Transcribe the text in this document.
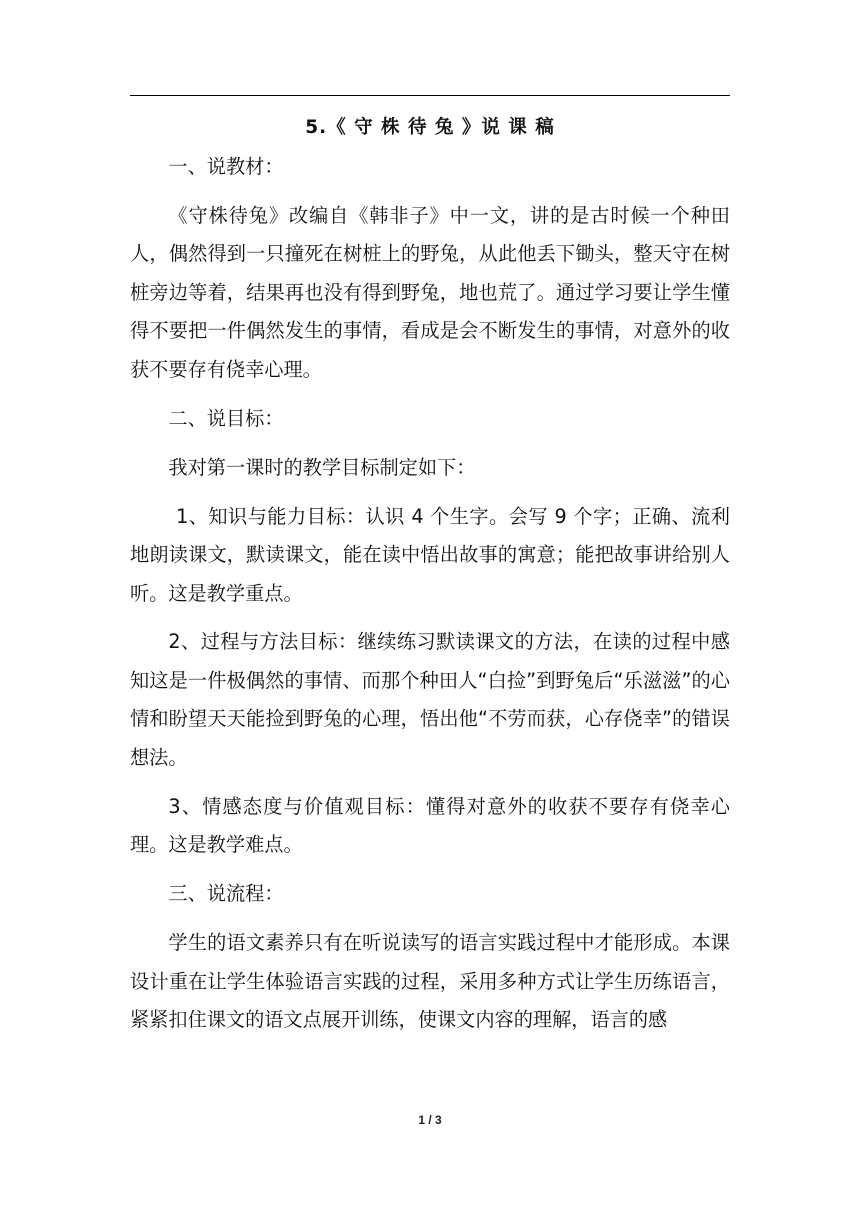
5.《 守 株 待 兔 》说 课 稿

一、说教材：

《守株待兔》改编自《韩非子》中一文，讲的是古时候一个种田人，偶然得到一只撞死在树桩上的野兔，从此他丢下锄头，整天守在树桩旁边等着，结果再也没有得到野兔，地也荒了。通过学习要让学生懂得不要把一件偶然发生的事情，看成是会不断发生的事情，对意外的收获不要存有侥幸心理。

二、说目标：

我对第一课时的教学目标制定如下：

1、知识与能力目标：认识 4 个生字。会写 9 个字；正确、流利地朗读课文，默读课文，能在读中悟出故事的寓意；能把故事讲给别人听。这是教学重点。

2、过程与方法目标：继续练习默读课文的方法，在读的过程中感知这是一件极偶然的事情、而那个种田人“白捡”到野兔后“乐滋滋”的心情和盼望天天能捡到野兔的心理，悟出他“不劳而获，心存侥幸”的错误想法。

3、情感态度与价值观目标：懂得对意外的收获不要存有侥幸心理。这是教学难点。

三、说流程：

学生的语文素养只有在听说读写的语言实践过程中才能形成。本课设计重在让学生体验语言实践的过程，采用多种方式让学生历练语言，紧紧扣住课文的语文点展开训练，使课文内容的理解，语言的感

1 / 3
